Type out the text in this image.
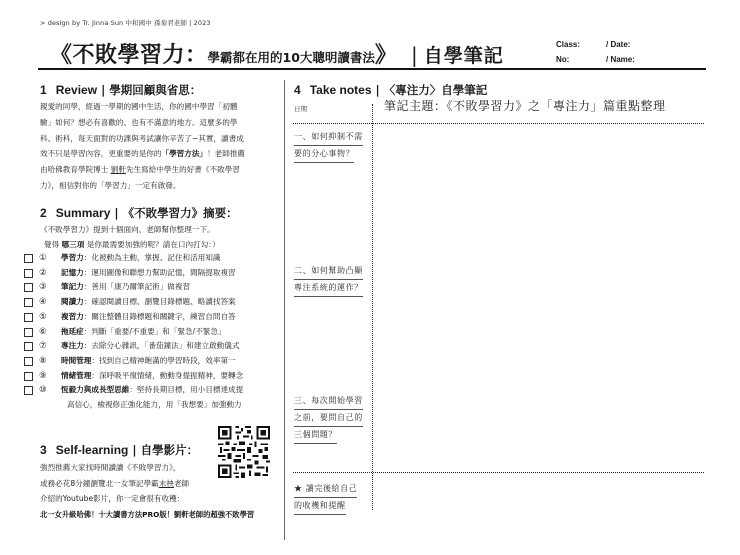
> design by Tr. Jinna Sun 中和國中 孫菊君老師 | 2023
《不敗學習力： 學霸都在用的10大聰明讀書法 》 | 自學筆記
Class:	/ Date:
No:	/ Name:
1 Review | 學期回顧與省思：
親愛的同學，經過一學期的國中生活，你的國中學習「初體
驗」如何？想必有喜歡的、也有不滿意的地方。這麼多的學
科、術科，每天面對的功課與考試讓你辛苦了~其實，讀書成
效不只是學習內容，更重要的是你的「學習方法」！老師推薦
由哈佛教育學院博士 劉軒先生寫給中學生的好書《不敗學習
力》，相信對你的「學習力」一定有啟發。
2 Summary | 《不敗學習力》摘要：
《不敗學習力》提到十個面向，老師幫你整理一下。
覺得 哪三項 是你最需要加強的呢？請在口內打勾：）
①	學習力：化被動為主動，掌握、記住和活用知識
②	記憶力：運用圖像和聯想力幫助記憶，間隔提取複習
③	筆記力：善用「康乃爾筆記術」做複習
④	閱讀力：確認閱讀目標、瀏覽目錄標題、略讀找答案
⑤	複習力：關注整體目錄標題和關鍵字，練習自問自答
⑥	拖延症：判斷「重要/不重要」和「緊急/不緊急」
⑦	專注力：去除分心雜訊，「番茄鐘法」和建立啟動儀式
⑧	時間管理：找到自己精神飽滿的學習時段，效率第一
⑨	情緒管理：深呼吸平復情緒，動動身提振精神，要轉念
⑩	恆毅力與成長型思維：堅持長期目標，用小目標達成提
高信心，檢視修正強化能力，用「我想要」加強動力
3 Self-learning | 自學影片：
強烈推薦大家找時間讀讀《不敗學習力》，
或務必花8分鐘瀏覽北一女筆記學霸末柍老師
介紹的Youtube影片，你一定會很有收穫：
北一女升級哈佛！十大讀書方法PRO版！劉軒老師的超強不敗學習
4 Take notes | 〈專注力〉自學筆記
日期	筆記主題：《不敗學習力》之「專注力」篇重點整理
一、如何抑制不需
要的分心事物？
二、如何幫助凸顯
專注系統的運作？
三、每次開始學習
之前，要問自己的
三個問題？
★ 讀完後給自己
的收穫和提醒
